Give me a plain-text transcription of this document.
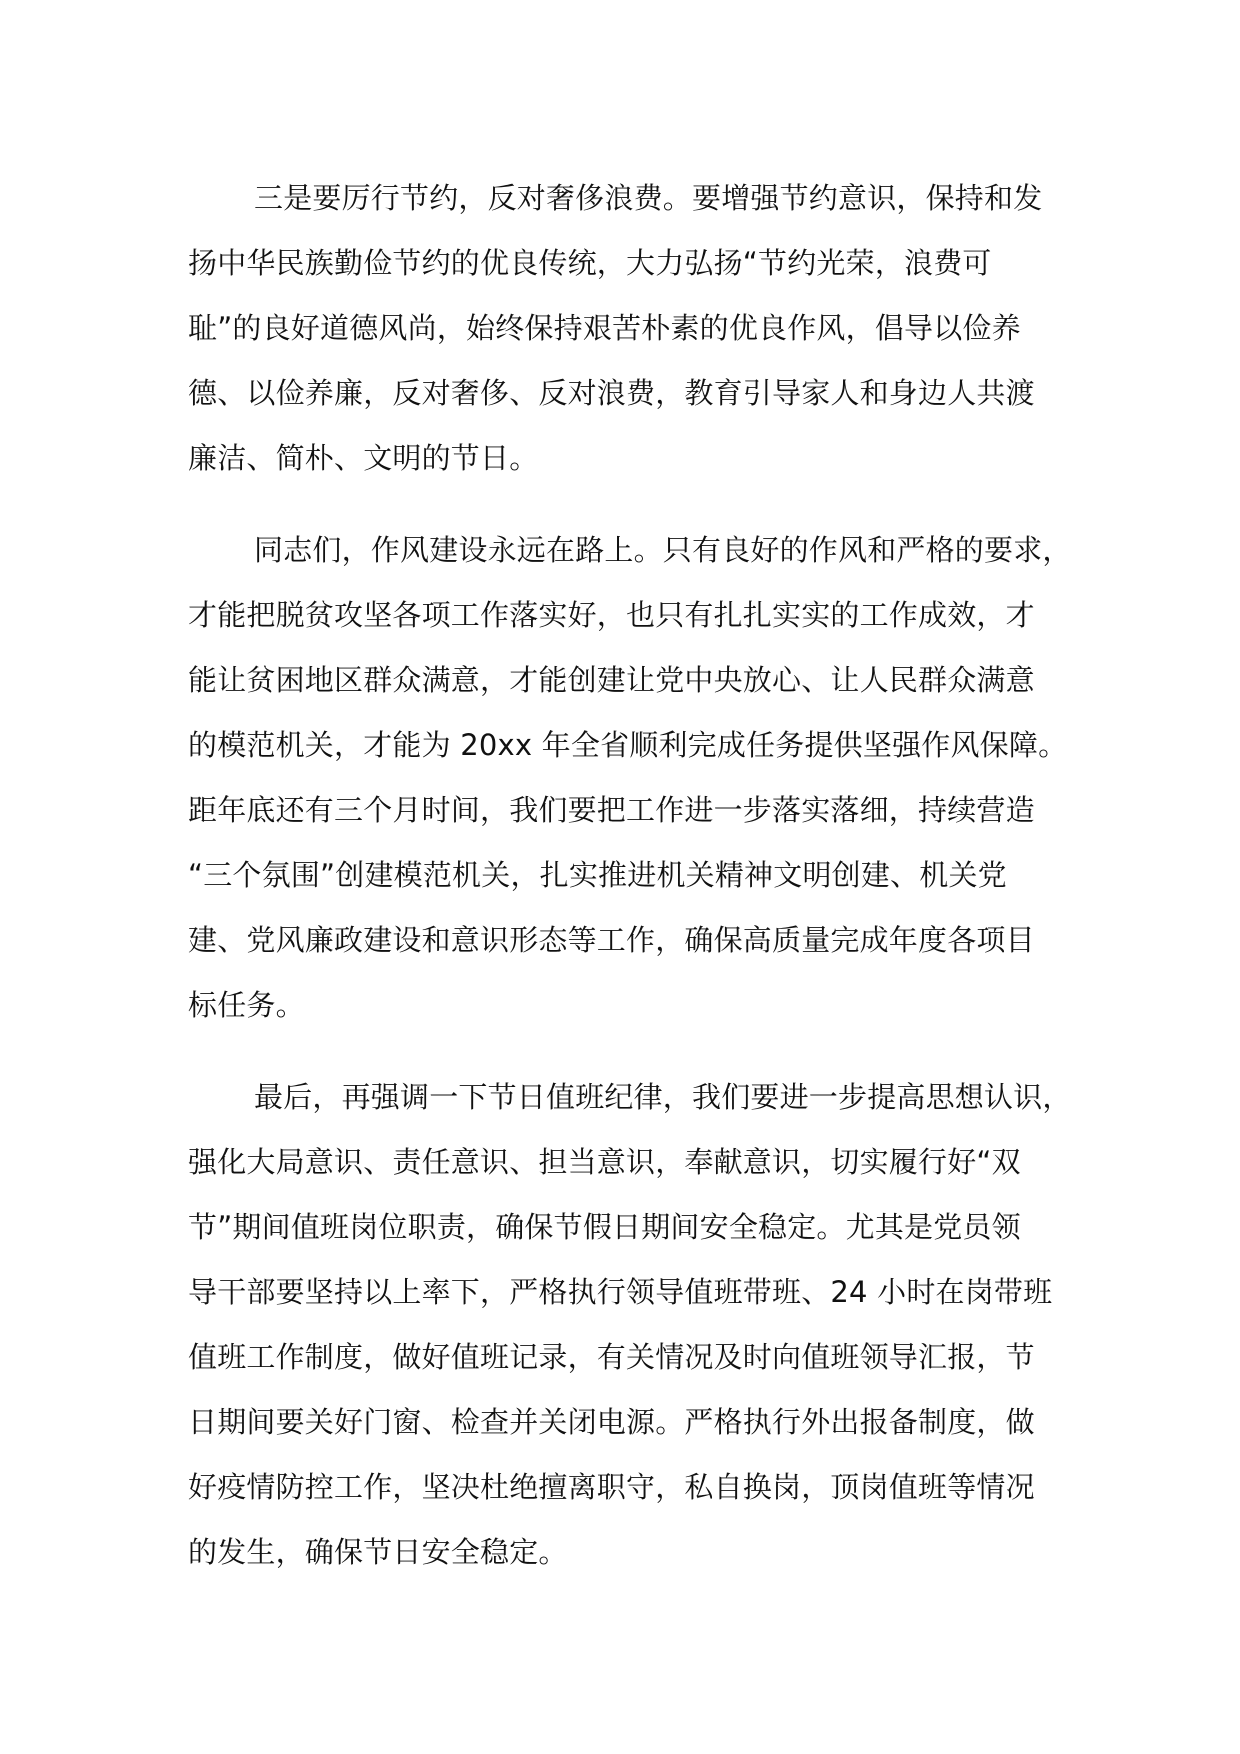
三是要厉行节约，反对奢侈浪费。要增强节约意识，保持和发
扬中华民族勤俭节约的优良传统，大力弘扬“节约光荣，浪费可
耻”的良好道德风尚，始终保持艰苦朴素的优良作风，倡导以俭养
德、以俭养廉，反对奢侈、反对浪费，教育引导家人和身边人共渡
廉洁、简朴、文明的节日。

同志们，作风建设永远在路上。只有良好的作风和严格的要求，
才能把脱贫攻坚各项工作落实好，也只有扎扎实实的工作成效，才
能让贫困地区群众满意，才能创建让党中央放心、让人民群众满意
的模范机关，才能为 20xx 年全省顺利完成任务提供坚强作风保障。
距年底还有三个月时间，我们要把工作进一步落实落细，持续营造
“三个氛围”创建模范机关，扎实推进机关精神文明创建、机关党
建、党风廉政建设和意识形态等工作，确保高质量完成年度各项目
标任务。

最后，再强调一下节日值班纪律，我们要进一步提高思想认识，
强化大局意识、责任意识、担当意识，奉献意识，切实履行好“双
节”期间值班岗位职责，确保节假日期间安全稳定。尤其是党员领
导干部要坚持以上率下，严格执行领导值班带班、24 小时在岗带班
值班工作制度，做好值班记录，有关情况及时向值班领导汇报，节
日期间要关好门窗、检查并关闭电源。严格执行外出报备制度，做
好疫情防控工作，坚决杜绝擅离职守，私自换岗，顶岗值班等情况
的发生，确保节日安全稳定。
